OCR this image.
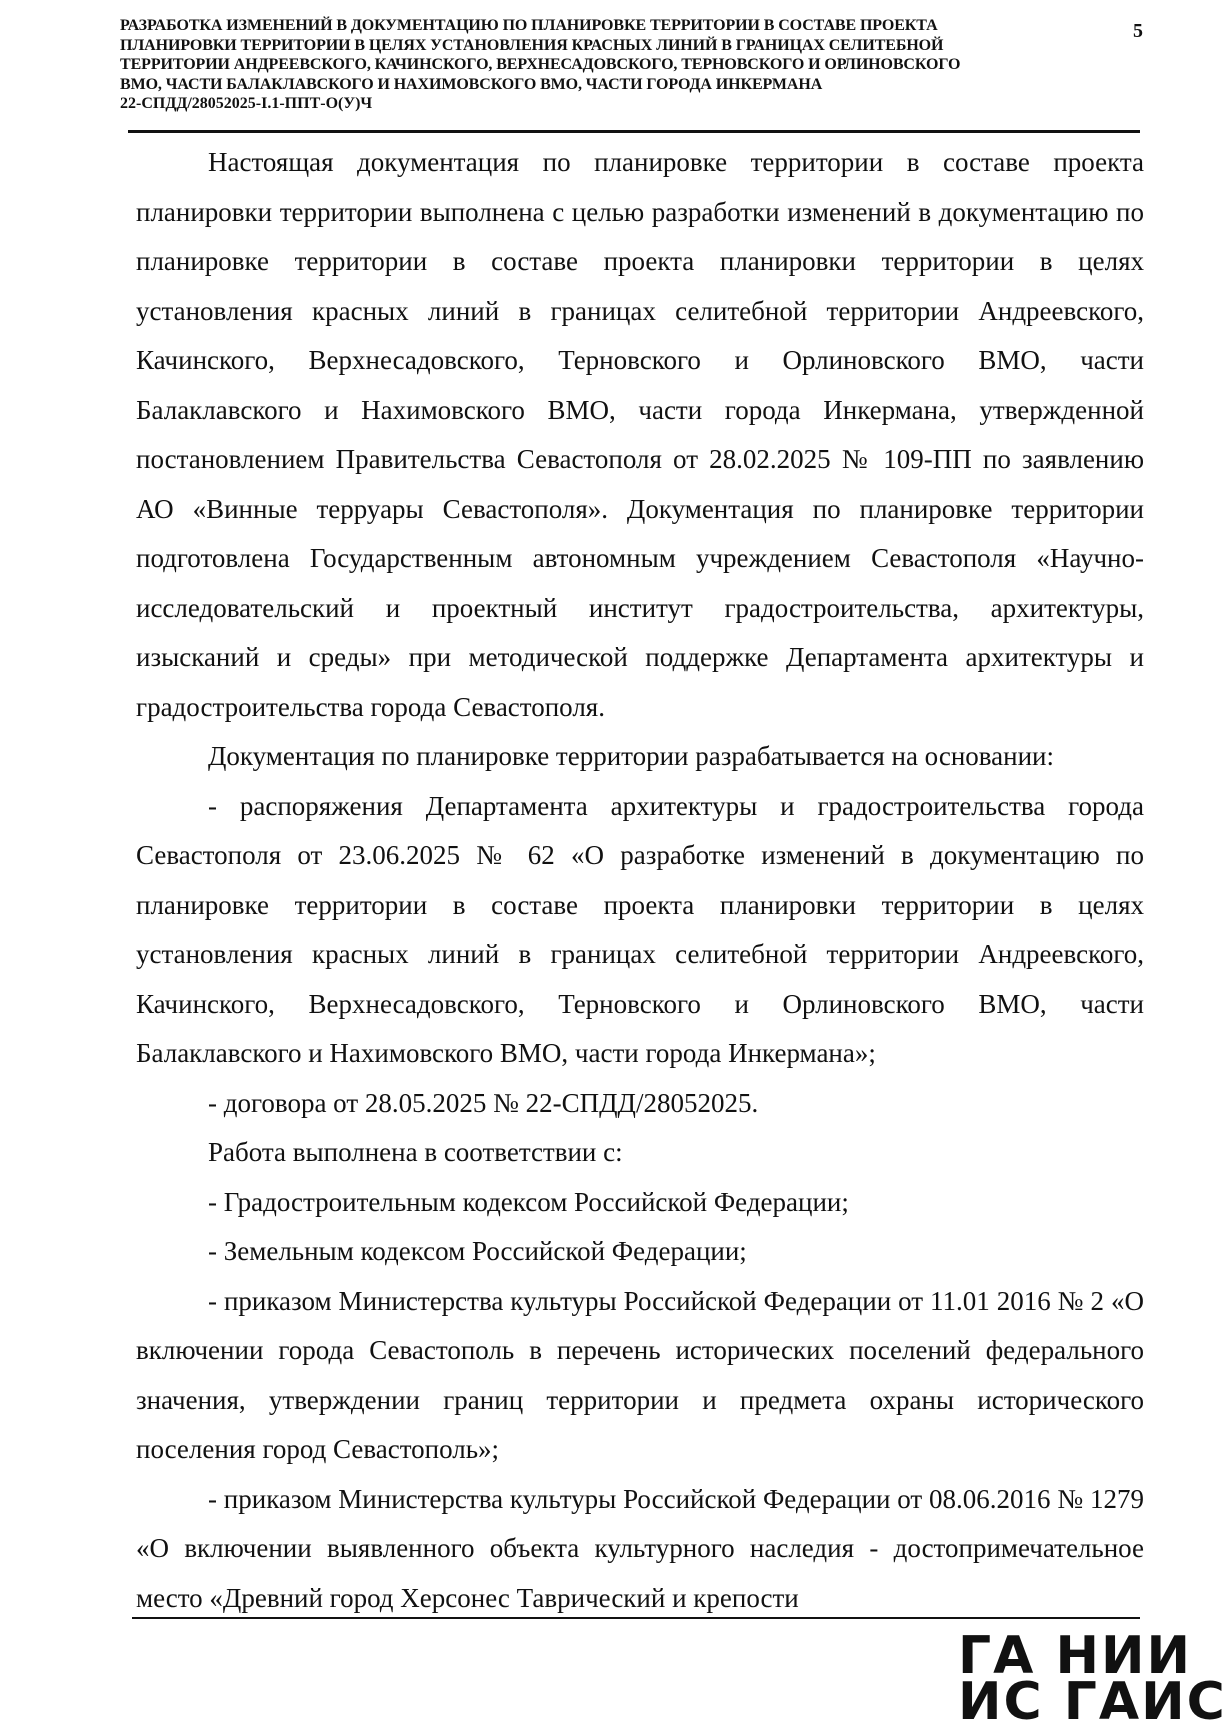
РАЗРАБОТКА ИЗМЕНЕНИЙ В ДОКУМЕНТАЦИЮ ПО ПЛАНИРОВКЕ ТЕРРИТОРИИ В СОСТАВЕ ПРОЕКТА
ПЛАНИРОВКИ ТЕРРИТОРИИ В ЦЕЛЯХ УСТАНОВЛЕНИЯ КРАСНЫХ ЛИНИЙ В ГРАНИЦАХ СЕЛИТЕБНОЙ
ТЕРРИТОРИИ АНДРЕЕВСКОГО, КАЧИНСКОГО, ВЕРХНЕСАДОВСКОГО, ТЕРНОВСКОГО И ОРЛИНОВСКОГО
ВМО, ЧАСТИ БАЛАКЛАВСКОГО И НАХИМОВСКОГО ВМО, ЧАСТИ ГОРОДА ИНКЕРМАНА

22-СПДД/28052025-I.1-ППТ-О(У)Ч

5

Настоящая документация по планировке территории в составе проекта планировки территории выполнена с целью разработки изменений в документацию по планировке территории в составе проекта планировки территории в целях установления красных линий в границах селитебной территории Андреевского, Качинского, Верхнесадовского, Терновского и Орлиновского ВМО, части Балаклавского и Нахимовского ВМО, части города Инкермана, утвержденной постановлением Правительства Севастополя от 28.02.2025 № 109-ПП по заявлению АО «Винные терруары Севастополя». Документация по планировке территории подготовлена Государственным автономным учреждением Севастополя «Научно-исследовательский и проектный институт градостроительства, архитектуры, изысканий и среды» при методической поддержке Департамента архитектуры и градостроительства города Севастополя.

Документация по планировке территории разрабатывается на основании:

- распоряжения Департамента архитектуры и градостроительства города Севастополя от 23.06.2025 № 62 «О разработке изменений в документацию по планировке территории в составе проекта планировки территории в целях установления красных линий в границах селитебной территории Андреевского, Качинского, Верхнесадовского, Терновского и Орлиновского ВМО, части Балаклавского и Нахимовского ВМО, части города Инкермана»;

- договора от 28.05.2025 № 22-СПДД/28052025.

Работа выполнена в соответствии с:

- Градостроительным кодексом Российской Федерации;

- Земельным кодексом Российской Федерации;

- приказом Министерства культуры Российской Федерации от 11.01 2016 № 2 «О включении города Севастополь в перечень исторических поселений федерального значения, утверждении границ территории и предмета охраны исторического поселения город Севастополь»;

- приказом Министерства культуры Российской Федерации от 08.06.2016 № 1279 «О включении выявленного объекта культурного наследия - достопримечательное место «Древний город Херсонес Таврический и крепости

ГА НИИ
ИС ГАИС
